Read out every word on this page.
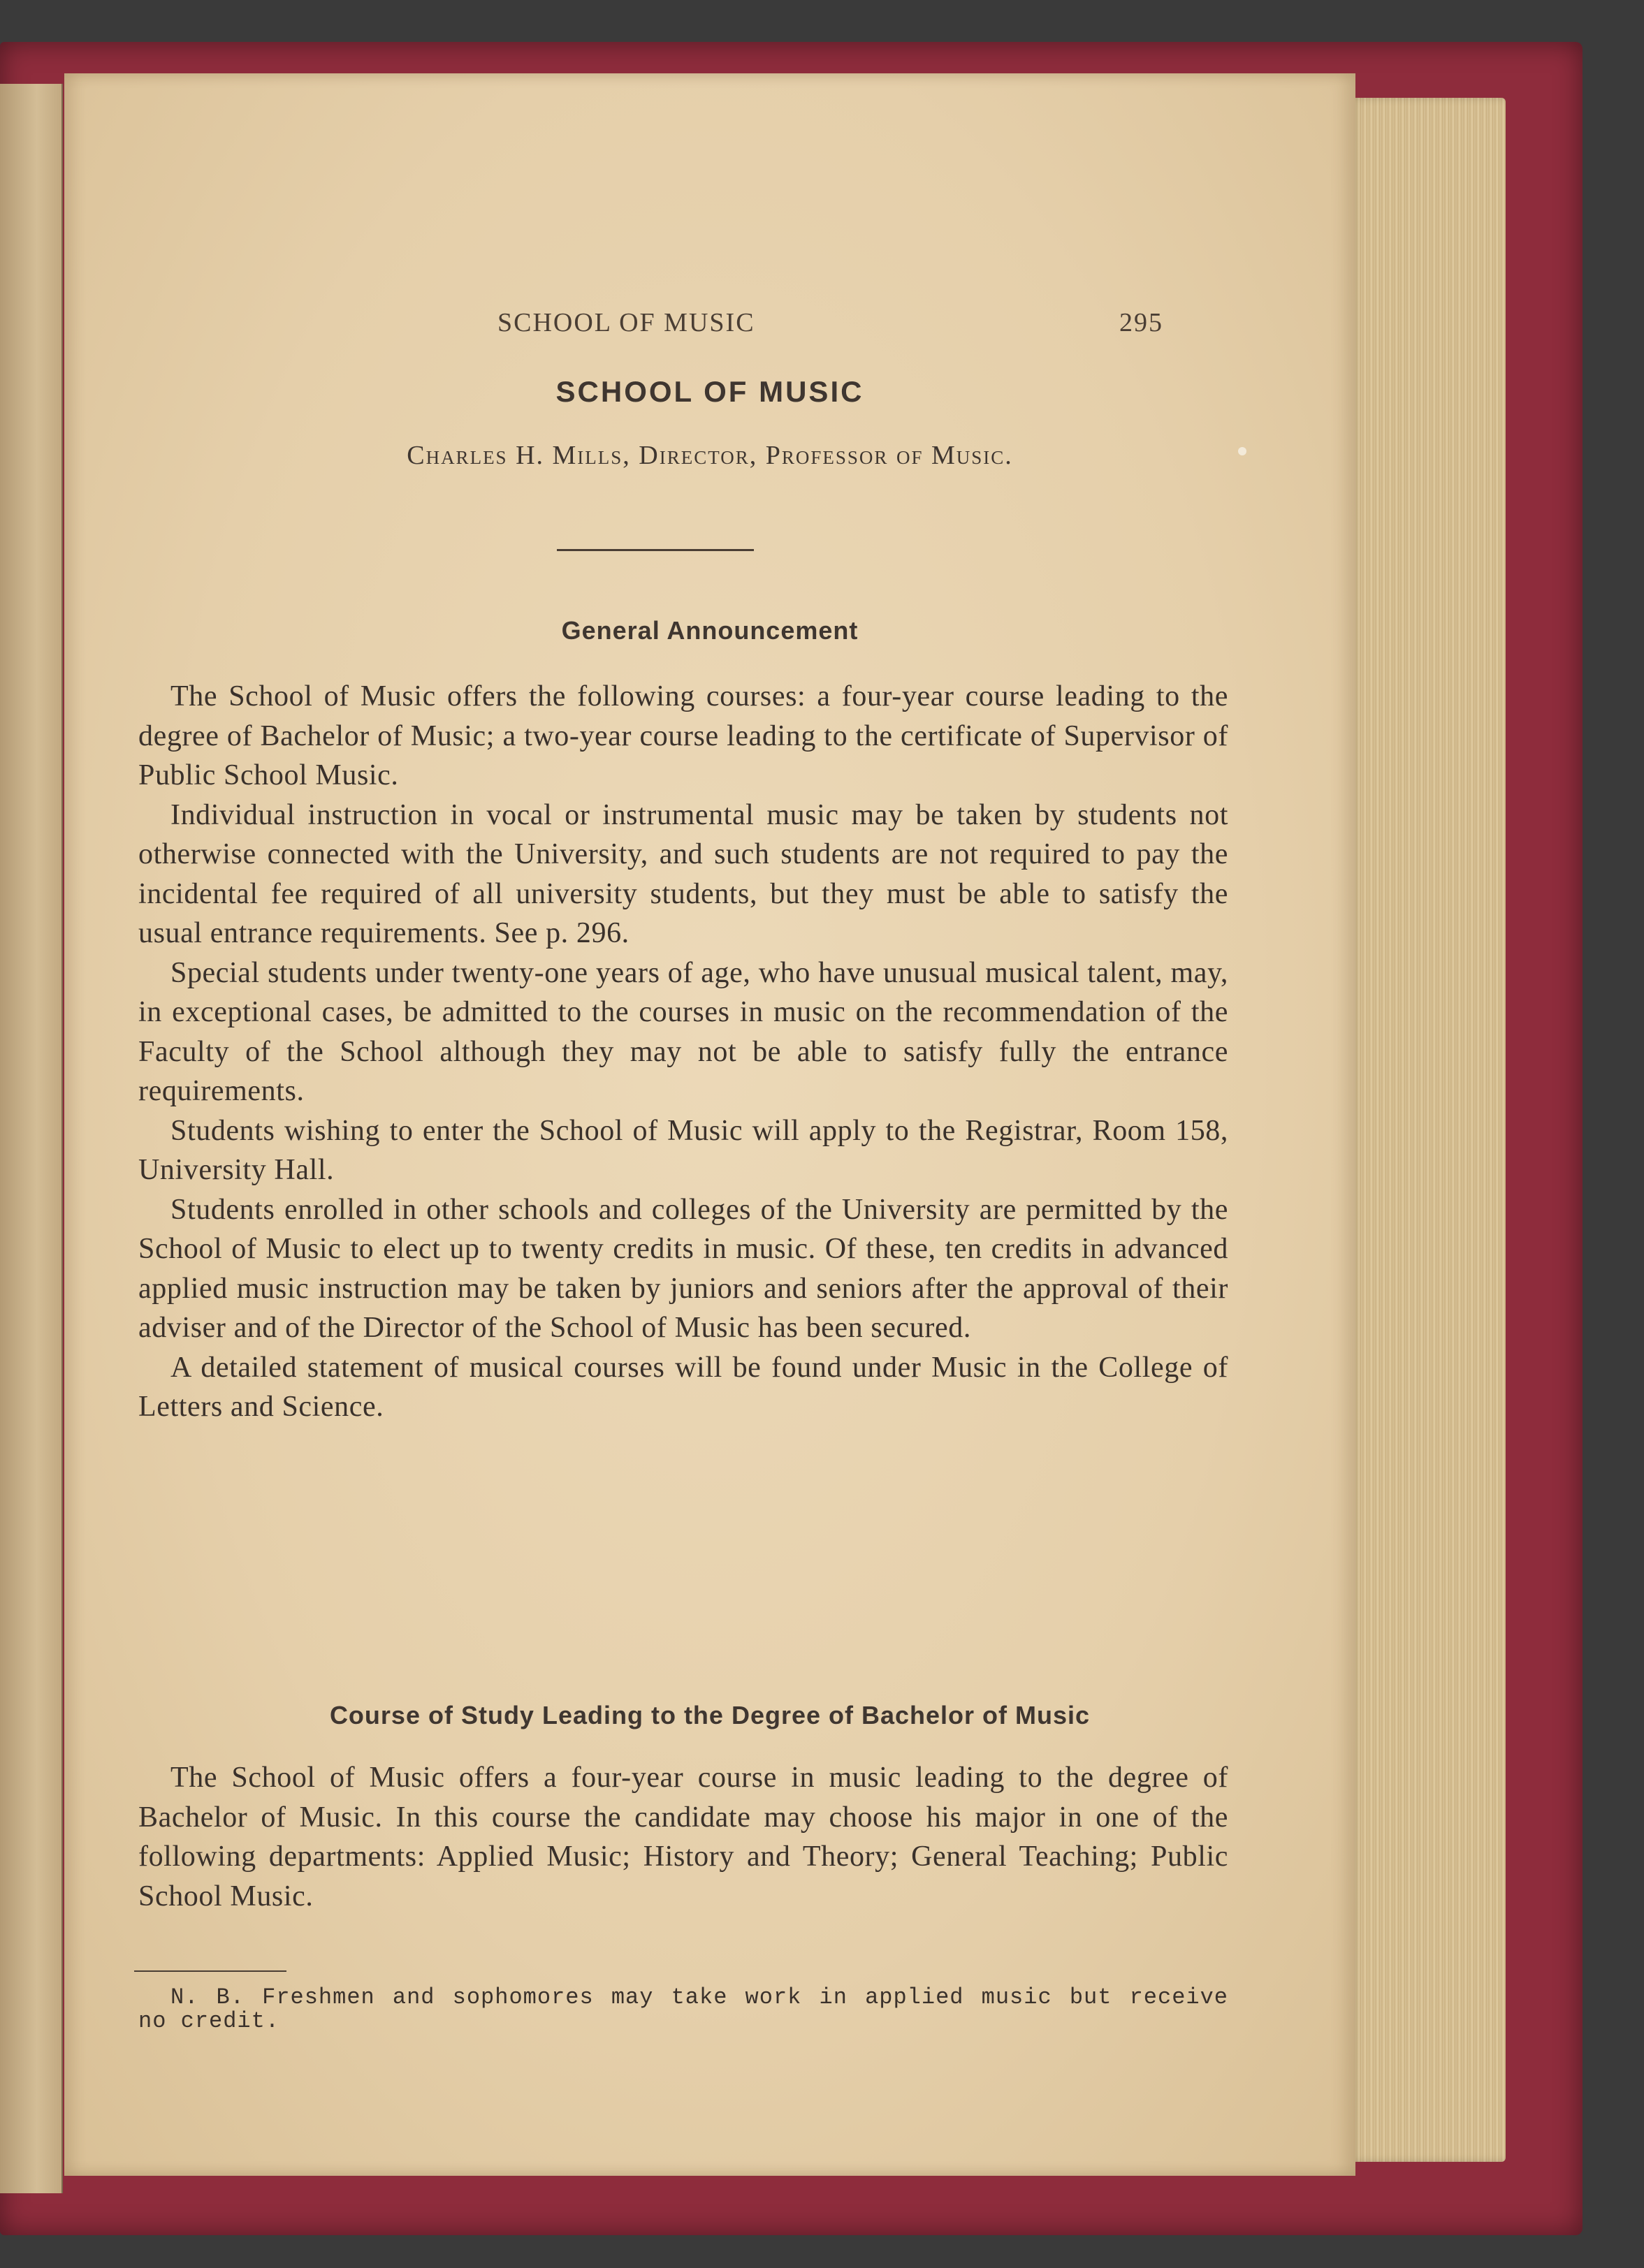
SCHOOL OF MUSIC	295
SCHOOL OF MUSIC
Charles H. Mills, Director, Professor of Music.
General Announcement

The School of Music offers the following courses: a four-year course leading to the degree of Bachelor of Music; a two-year course leading to the certificate of Supervisor of Public School Music.

Individual instruction in vocal or instrumental music may be taken by students not otherwise connected with the University, and such students are not required to pay the incidental fee required of all university students, but they must be able to satisfy the usual entrance requirements. See p. 296.

Special students under twenty-one years of age, who have unusual musical talent, may, in exceptional cases, be admitted to the courses in music on the recommendation of the Faculty of the School although they may not be able to satisfy fully the entrance requirements.

Students wishing to enter the School of Music will apply to the Registrar, Room 158, University Hall.

Students enrolled in other schools and colleges of the University are permitted by the School of Music to elect up to twenty credits in music. Of these, ten credits in advanced applied music instruction may be taken by juniors and seniors after the approval of their adviser and of the Director of the School of Music has been secured.

A detailed statement of musical courses will be found under Music in the College of Letters and Science.

Course of Study Leading to the Degree of Bachelor of Music

The School of Music offers a four-year course in music leading to the degree of Bachelor of Music. In this course the candidate may choose his major in one of the following departments: Applied Music; History and Theory; General Teaching; Public School Music.

N. B. Freshmen and sophomores may take work in applied music but receive no credit.
